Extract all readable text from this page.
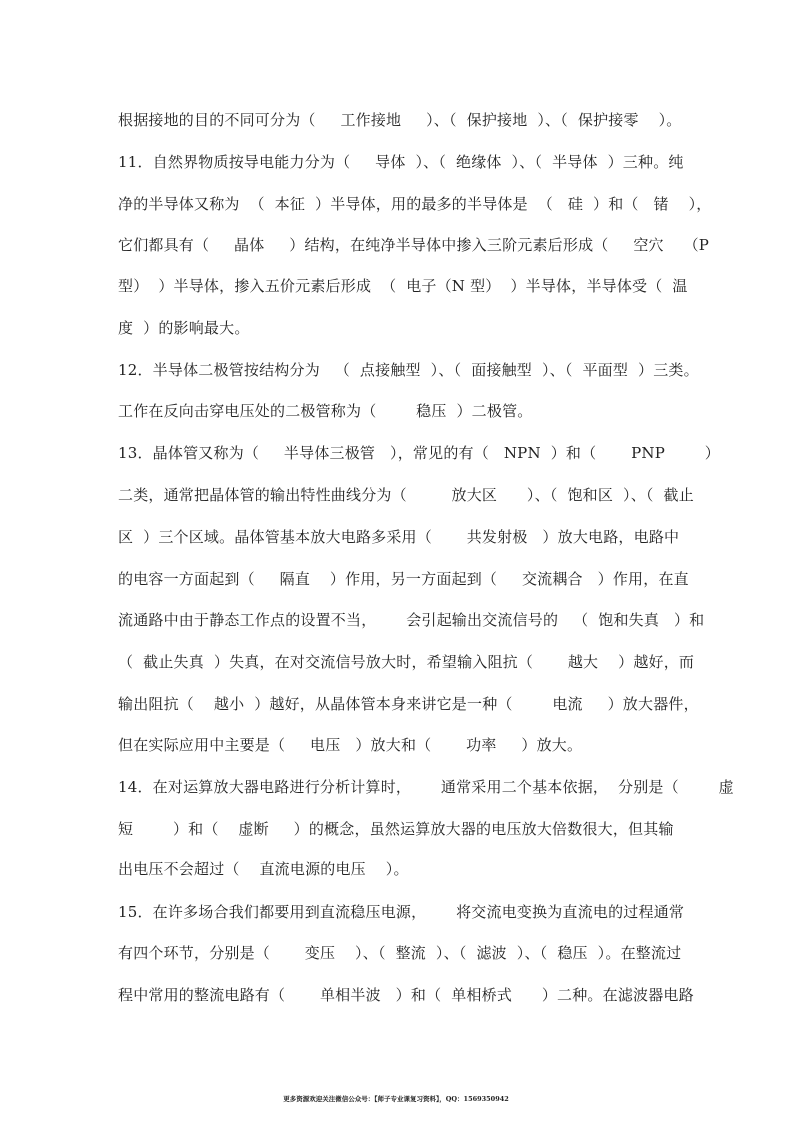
根据接地的目的不同可分为（     工作接地     ）、（  保护接地  ）、（  保护接零    ）。
11．自然界物质按导电能力分为（     导体  ）、（  绝缘体  ）、（  半导体  ）三种。纯
净的半导体又称为  （  本征  ）半导体，用的最多的半导体是  （   硅  ）和（   锗    ），
它们都具有（     晶体     ）结构，在纯净半导体中掺入三阶元素后形成（     空穴    （P
型）  ）半导体，掺入五价元素后形成  （  电子（N 型）  ）半导体，半导体受（  温
度  ）的影响最大。
12．半导体二极管按结构分为   （  点接触型  ）、（  面接触型  ）、（  平面型  ）三类。
工作在反向击穿电压处的二极管称为（        稳压  ）二极管。
13．晶体管又称为（     半导体三极管   ），常见的有（   NPN  ）和（       PNP        ）
二类，通常把晶体管的输出特性曲线分为（         放大区      ）、（  饱和区  ）、（  截止
区  ）三个区域。晶体管基本放大电路多采用（       共发射极   ）放大电路，电路中
的电容一方面起到（     隔直    ）作用，另一方面起到（     交流耦合   ）作用，在直
流通路中由于静态工作点的设置不当，      会引起输出交流信号的   （  饱和失真   ）和
（  截止失真  ）失真，在对交流信号放大时，希望输入阻抗（       越大    ）越好，而
输出阻抗（    越小  ）越好，从晶体管本身来讲它是一种（        电流     ）放大器件，
但在实际应用中主要是（     电压   ）放大和（       功率     ）放大。
14．在对运算放大器电路进行分析计算时，      通常采用二个基本依据，  分别是（        虚
短        ）和（    虚断     ）的概念，虽然运算放大器的电压放大倍数很大，但其输
出电压不会超过（    直流电源的电压    ）。
15．在许多场合我们都要用到直流稳压电源，      将交流电变换为直流电的过程通常
有四个环节，分别是（       变压    ）、（  整流  ）、（  滤波  ）、（  稳压  ）。在整流过
程中常用的整流电路有（       单相半波   ）和（  单相桥式      ）二种。在滤波器电路
更多资源欢迎关注微信公众号：【师子专业课复习资料】，QQ：1569350942
